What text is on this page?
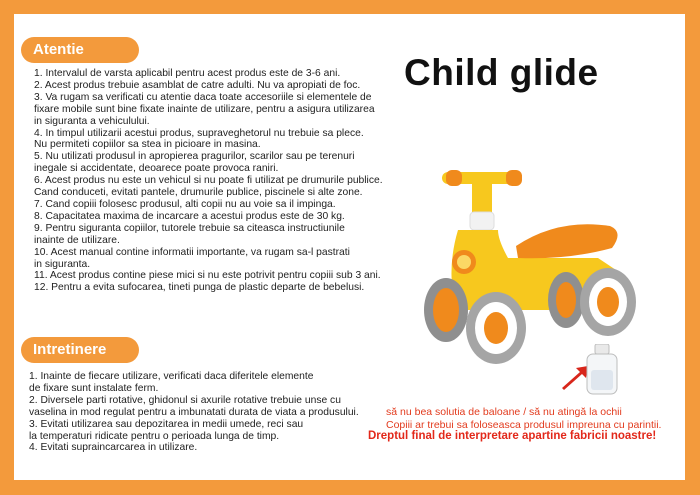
Atentie
1. Intervalul de varsta aplicabil pentru acest produs este de 3-6 ani.
2. Acest produs trebuie asamblat de catre adulti. Nu va apropiati de foc.
3. Va rugam sa verificati cu atentie daca toate accesoriile si elementele de
fixare mobile sunt bine fixate inainte de utilizare, pentru a asigura utilizarea
in siguranta a vehiculului.
4. In timpul utilizarii acestui produs, supraveghetorul nu trebuie sa plece.
Nu permiteti copiilor sa stea in picioare in masina.
5. Nu utilizati produsul in apropierea pragurilor, scarilor sau pe terenuri
inegale si accidentate, deoarece poate provoca raniri.
6. Acest produs nu este un vehicul si nu poate fi utilizat pe drumurile publice.
Cand conduceti, evitati pantele, drumurile publice, piscinele si alte zone.
7. Cand copiii folosesc produsul, alti copii nu au voie sa il impinga.
8. Capacitatea maxima de incarcare a acestui produs este de 30 kg.
9. Pentru siguranta copiilor, tutorele trebuie sa citeasca instructiunile
inainte de utilizare.
10. Acest manual contine informatii importante, va rugam sa-l pastrati
in siguranta.
11. Acest produs contine piese mici si nu este potrivit pentru copiii sub 3 ani.
12. Pentru a evita sufocarea, tineti punga de plastic departe de bebelusi.
Intretinere
1. Inainte de fiecare utilizare, verificati daca diferitele elemente
de fixare sunt instalate ferm.
2. Diversele parti rotative, ghidonul si axurile rotative trebuie unse cu
vaselina in mod regulat pentru a imbunatati durata de viata a produsului.
3. Evitati utilizarea sau depozitarea in medii umede, reci sau
la temperaturi ridicate pentru o perioada lunga de timp.
4. Evitati supraincarcarea in utilizare.
Child glide
să nu bea solutia de baloane / să nu atingă la ochii
Copiii ar trebui sa foloseasca produsul impreuna cu parintii.
Dreptul final de interpretare apartine fabricii noastre!
